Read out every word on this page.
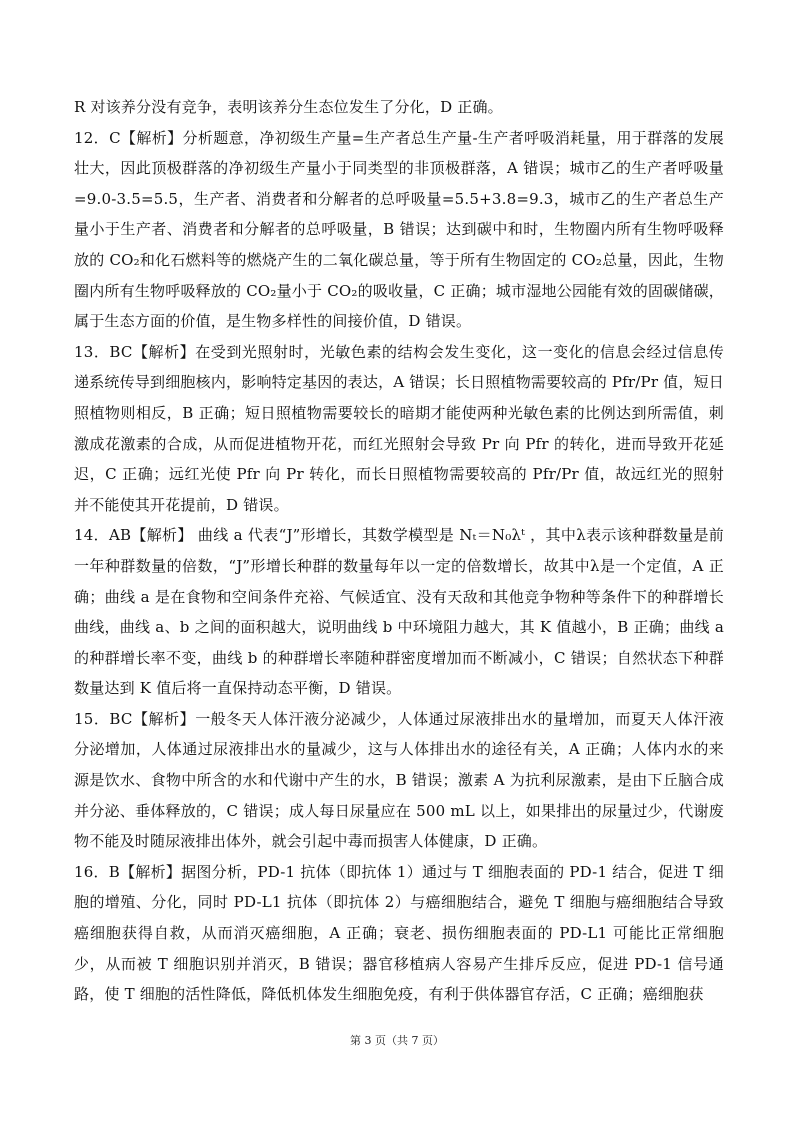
R 对该养分没有竞争，表明该养分生态位发生了分化，D 正确。

12．C【解析】分析题意，净初级生产量=生产者总生产量-生产者呼吸消耗量，用于群落的发展壮大，因此顶极群落的净初级生产量小于同类型的非顶极群落，A 错误；城市乙的生产者呼吸量=9.0-3.5=5.5，生产者、消费者和分解者的总呼吸量=5.5+3.8=9.3，城市乙的生产者总生产量小于生产者、消费者和分解者的总呼吸量，B 错误；达到碳中和时，生物圈内所有生物呼吸释放的 CO₂和化石燃料等的燃烧产生的二氧化碳总量，等于所有生物固定的 CO₂总量，因此，生物圈内所有生物呼吸释放的 CO₂量小于 CO₂的吸收量，C 正确；城市湿地公园能有效的固碳储碳，属于生态方面的价值，是生物多样性的间接价值，D 错误。

13．BC【解析】在受到光照射时，光敏色素的结构会发生变化，这一变化的信息会经过信息传递系统传导到细胞核内，影响特定基因的表达，A 错误；长日照植物需要较高的 Pfr/Pr 值，短日照植物则相反，B 正确；短日照植物需要较长的暗期才能使两种光敏色素的比例达到所需值，刺激成花激素的合成，从而促进植物开花，而红光照射会导致 Pr 向 Pfr 的转化，进而导致开花延迟，C 正确；远红光使 Pfr 向 Pr 转化，而长日照植物需要较高的 Pfr/Pr 值，故远红光的照射并不能使其开花提前，D 错误。

14．AB【解析】 曲线 a 代表“J”形增长，其数学模型是 Nₜ＝N₀λᵗ ，其中λ表示该种群数量是前一年种群数量的倍数，“J”形增长种群的数量每年以一定的倍数增长，故其中λ是一个定值，A 正确；曲线 a 是在食物和空间条件充裕、气候适宜、没有天敌和其他竞争物种等条件下的种群增长曲线，曲线 a、b 之间的面积越大，说明曲线 b 中环境阻力越大，其 K 值越小，B 正确；曲线 a 的种群增长率不变，曲线 b 的种群增长率随种群密度增加而不断减小，C 错误；自然状态下种群数量达到 K 值后将一直保持动态平衡，D 错误。

15．BC【解析】一般冬天人体汗液分泌减少，人体通过尿液排出水的量增加，而夏天人体汗液分泌增加，人体通过尿液排出水的量减少，这与人体排出水的途径有关，A 正确；人体内水的来源是饮水、食物中所含的水和代谢中产生的水，B 错误；激素 A 为抗利尿激素，是由下丘脑合成并分泌、垂体释放的，C 错误；成人每日尿量应在 500 mL 以上，如果排出的尿量过少，代谢废物不能及时随尿液排出体外，就会引起中毒而损害人体健康，D 正确。

16．B【解析】据图分析，PD-1 抗体（即抗体 1）通过与 T 细胞表面的 PD-1 结合，促进 T 细胞的增殖、分化，同时 PD-L1 抗体（即抗体 2）与癌细胞结合，避免 T 细胞与癌细胞结合导致癌细胞获得自救，从而消灭癌细胞，A 正确；衰老、损伤细胞表面的 PD-L1 可能比正常细胞少，从而被 T 细胞识别并消灭，B 错误；器官移植病人容易产生排斥反应，促进 PD-1 信号通路，使 T 细胞的活性降低，降低机体发生细胞免疫，有利于供体器官存活，C 正确；癌细胞获

第 3 页（共 7 页）
